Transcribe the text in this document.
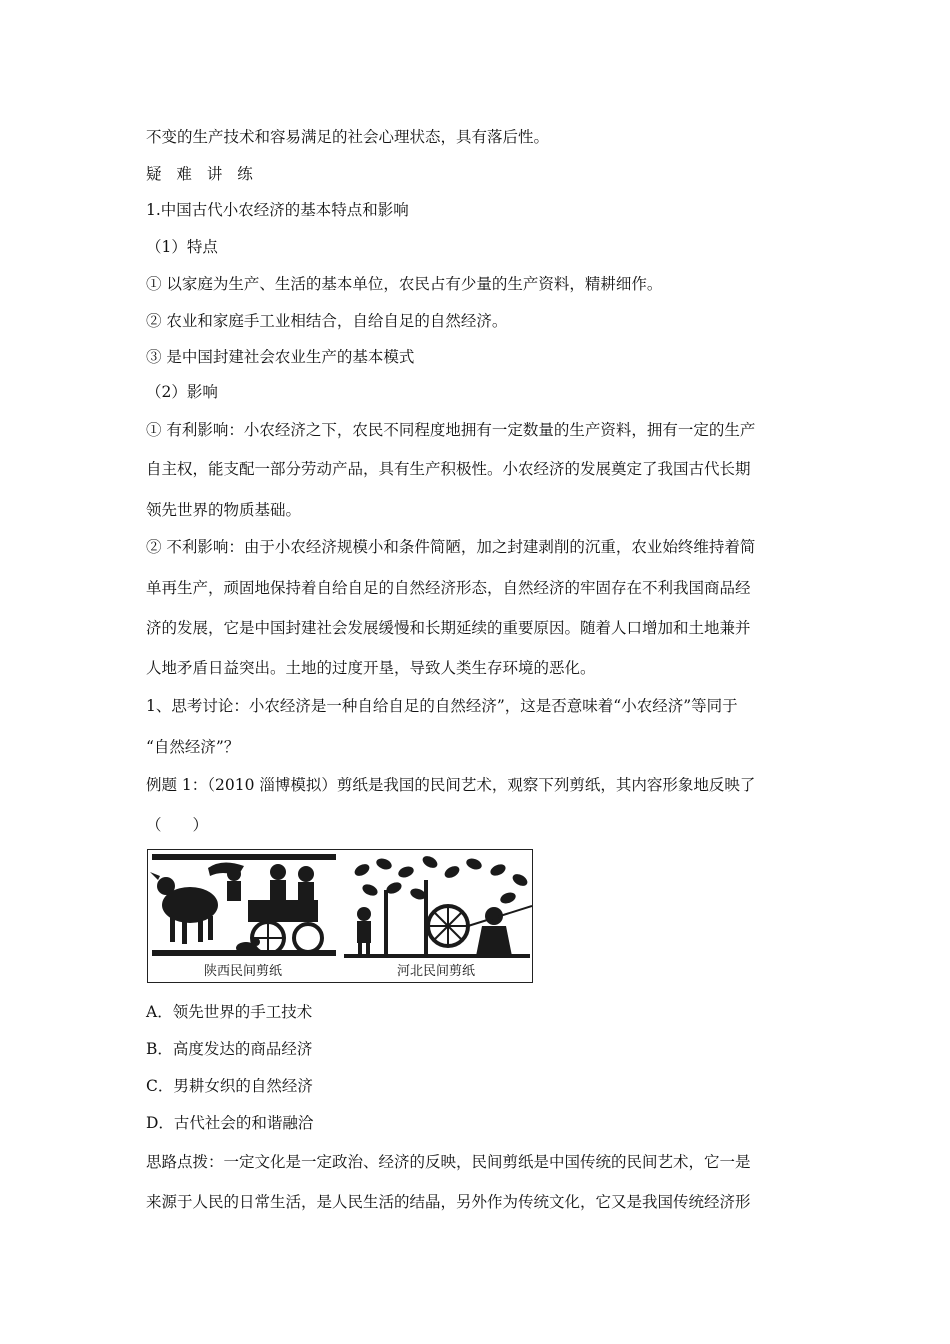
不变的生产技术和容易满足的社会心理状态，具有落后性。
疑 难 讲 练
1.中国古代小农经济的基本特点和影响
（1）特点
① 以家庭为生产、生活的基本单位，农民占有少量的生产资料，精耕细作。
② 农业和家庭手工业相结合，自给自足的自然经济。
③ 是中国封建社会农业生产的基本模式
（2）影响
① 有利影响：小农经济之下，农民不同程度地拥有一定数量的生产资料，拥有一定的生产
自主权，能支配一部分劳动产品，具有生产积极性。小农经济的发展奠定了我国古代长期
领先世界的物质基础。
② 不利影响：由于小农经济规模小和条件简陋，加之封建剥削的沉重，农业始终维持着简
单再生产，顽固地保持着自给自足的自然经济形态，自然经济的牢固存在不利我国商品经
济的发展，它是中国封建社会发展缓慢和长期延续的重要原因。随着人口增加和土地兼并
人地矛盾日益突出。土地的过度开垦，导致人类生存环境的恶化。
1、思考讨论：小农经济是一种自给自足的自然经济”，这是否意味着“小农经济”等同于
“自然经济”？
例题 1：（2010 淄博模拟）剪纸是我国的民间艺术，观察下列剪纸，其内容形象地反映了
（　　）
陕西民间剪纸	河北民间剪纸
A．领先世界的手工技术
B．高度发达的商品经济
C．男耕女织的自然经济
D．古代社会的和谐融洽
思路点拨：一定文化是一定政治、经济的反映，民间剪纸是中国传统的民间艺术，它一是
来源于人民的日常生活，是人民生活的结晶，另外作为传统文化，它又是我国传统经济形
